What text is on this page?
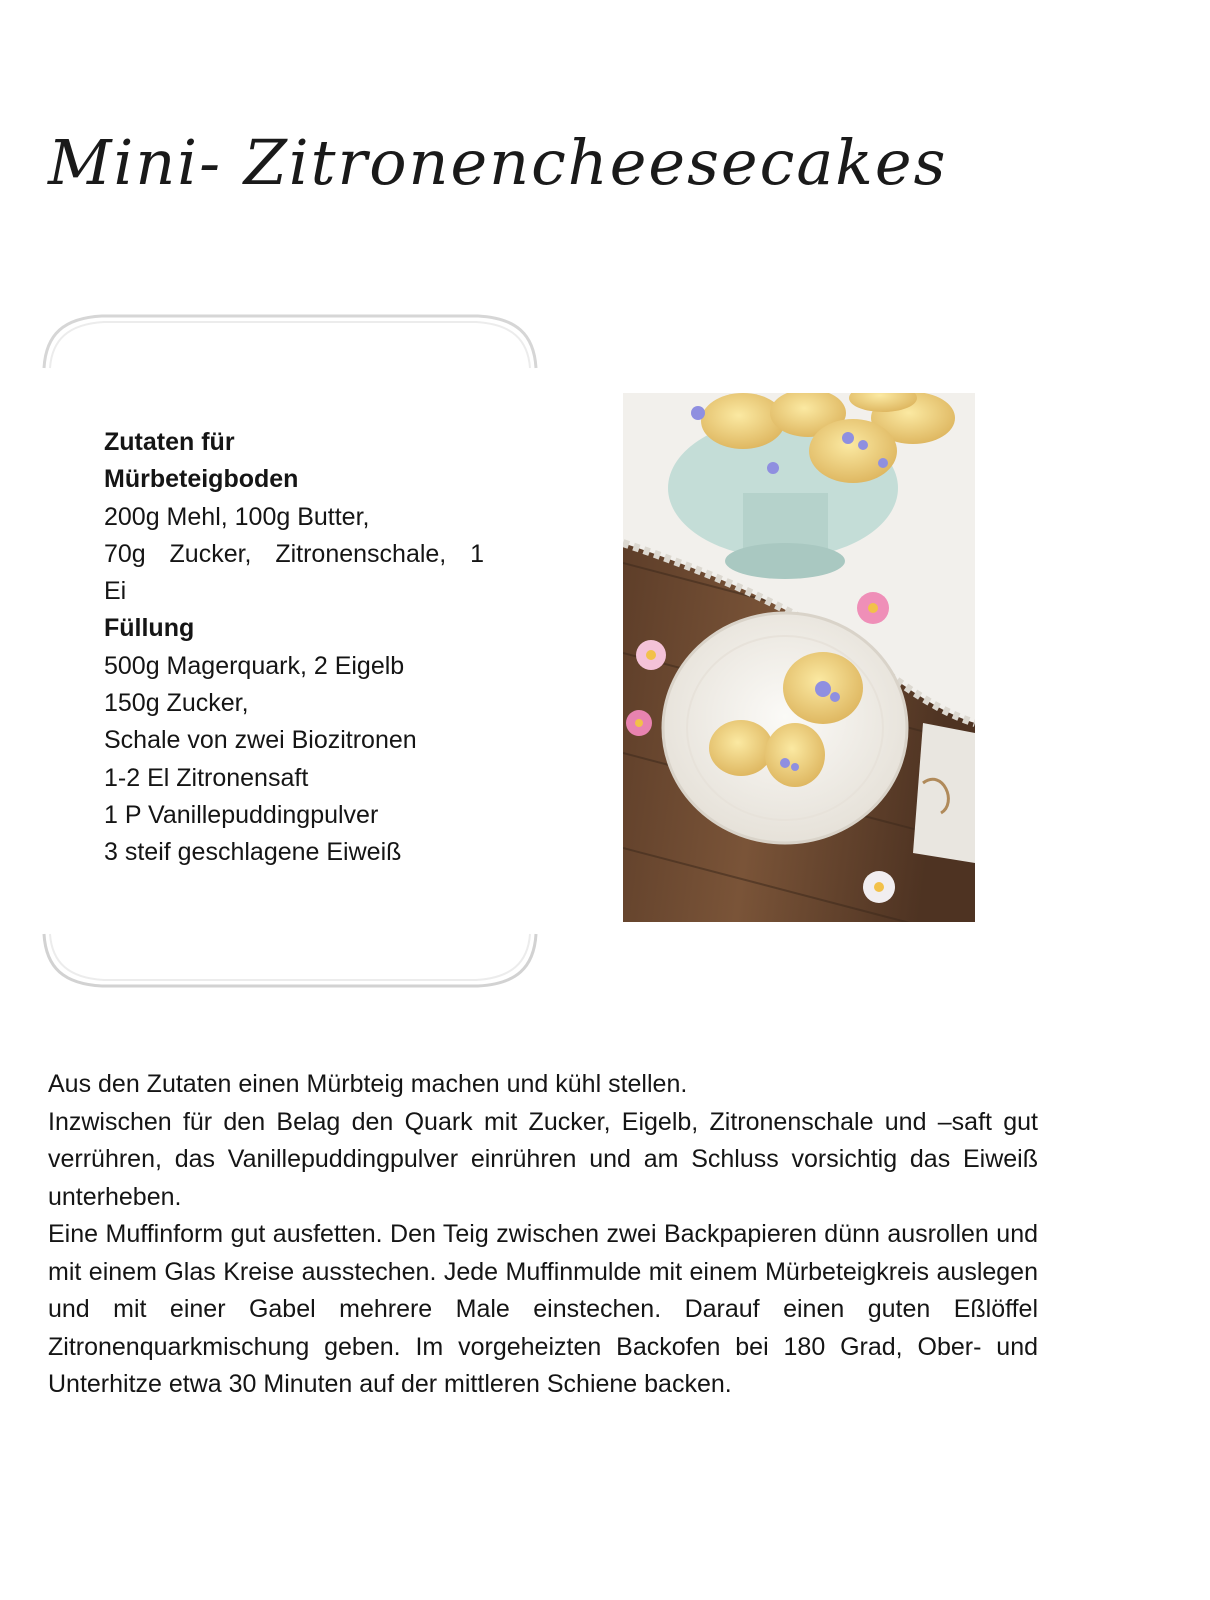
Mini- Zitronencheesecakes
Zutaten für
Mürbeteigboden
200g Mehl, 100g Butter,
70g Zucker, Zitronenschale, 1
Ei
Füllung
500g Magerquark, 2 Eigelb
150g Zucker,
Schale von zwei Biozitronen
1-2 El Zitronensaft
1 P Vanillepuddingpulver
3 steif geschlagene Eiweiß

Aus den Zutaten einen Mürbteig machen und kühl stellen.

Inzwischen für den Belag den Quark mit Zucker, Eigelb, Zitronenschale und –saft gut verrühren, das Vanillepuddingpulver einrühren und am Schluss vorsichtig das Eiweiß unterheben.

Eine Muffinform gut ausfetten. Den Teig zwischen zwei Backpapieren dünn ausrollen und mit einem Glas Kreise ausstechen. Jede Muffinmulde mit einem Mürbeteigkreis auslegen und mit einer Gabel mehrere Male einstechen. Darauf einen guten Eßlöffel Zitronenquarkmischung geben. Im vorgeheizten Backofen bei 180 Grad, Ober- und Unterhitze etwa 30 Minuten auf der mittleren Schiene backen.
